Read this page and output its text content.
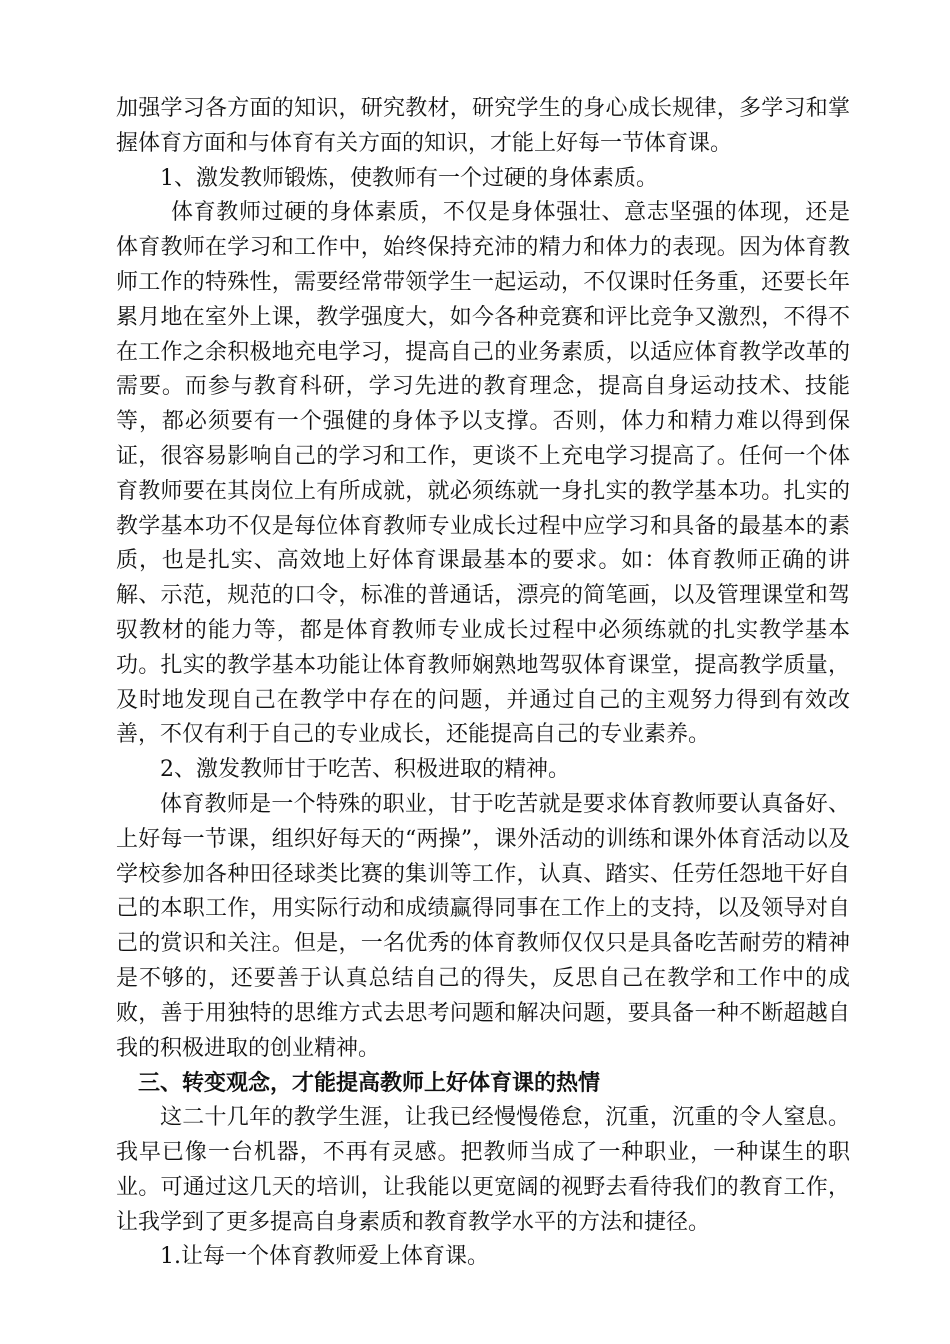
加强学习各方面的知识，研究教材，研究学生的身心成长规律，多学习和掌握体育方面和与体育有关方面的知识，才能上好每一节体育课。

1、激发教师锻炼，使教师有一个过硬的身体素质。

体育教师过硬的身体素质，不仅是身体强壮、意志坚强的体现，还是体育教师在学习和工作中，始终保持充沛的精力和体力的表现。因为体育教师工作的特殊性，需要经常带领学生一起运动，不仅课时任务重，还要长年累月地在室外上课，教学强度大，如今各种竞赛和评比竞争又激烈，不得不在工作之余积极地充电学习，提高自己的业务素质，以适应体育教学改革的需要。而参与教育科研，学习先进的教育理念，提高自身运动技术、技能等，都必须要有一个强健的身体予以支撑。否则，体力和精力难以得到保证，很容易影响自己的学习和工作，更谈不上充电学习提高了。任何一个体育教师要在其岗位上有所成就，就必须练就一身扎实的教学基本功。扎实的教学基本功不仅是每位体育教师专业成长过程中应学习和具备的最基本的素质，也是扎实、高效地上好体育课最基本的要求。如：体育教师正确的讲解、示范，规范的口令，标准的普通话，漂亮的简笔画，以及管理课堂和驾驭教材的能力等，都是体育教师专业成长过程中必须练就的扎实教学基本功。扎实的教学基本功能让体育教师娴熟地驾驭体育课堂，提高教学质量，及时地发现自己在教学中存在的问题，并通过自己的主观努力得到有效改善，不仅有利于自己的专业成长，还能提高自己的专业素养。

2、激发教师甘于吃苦、积极进取的精神。

体育教师是一个特殊的职业，甘于吃苦就是要求体育教师要认真备好、上好每一节课，组织好每天的“两操”，课外活动的训练和课外体育活动以及学校参加各种田径球类比赛的集训等工作，认真、踏实、任劳任怨地干好自己的本职工作，用实际行动和成绩赢得同事在工作上的支持，以及领导对自己的赏识和关注。但是，一名优秀的体育教师仅仅只是具备吃苦耐劳的精神是不够的，还要善于认真总结自己的得失，反思自己在教学和工作中的成败，善于用独特的思维方式去思考问题和解决问题，要具备一种不断超越自我的积极进取的创业精神。

三、转变观念，才能提高教师上好体育课的热情

这二十几年的教学生涯，让我已经慢慢倦怠，沉重，沉重的令人窒息。我早已像一台机器，不再有灵感。把教师当成了一种职业，一种谋生的职业。可通过这几天的培训，让我能以更宽阔的视野去看待我们的教育工作，让我学到了更多提高自身素质和教育教学水平的方法和捷径。

1.让每一个体育教师爱上体育课。
